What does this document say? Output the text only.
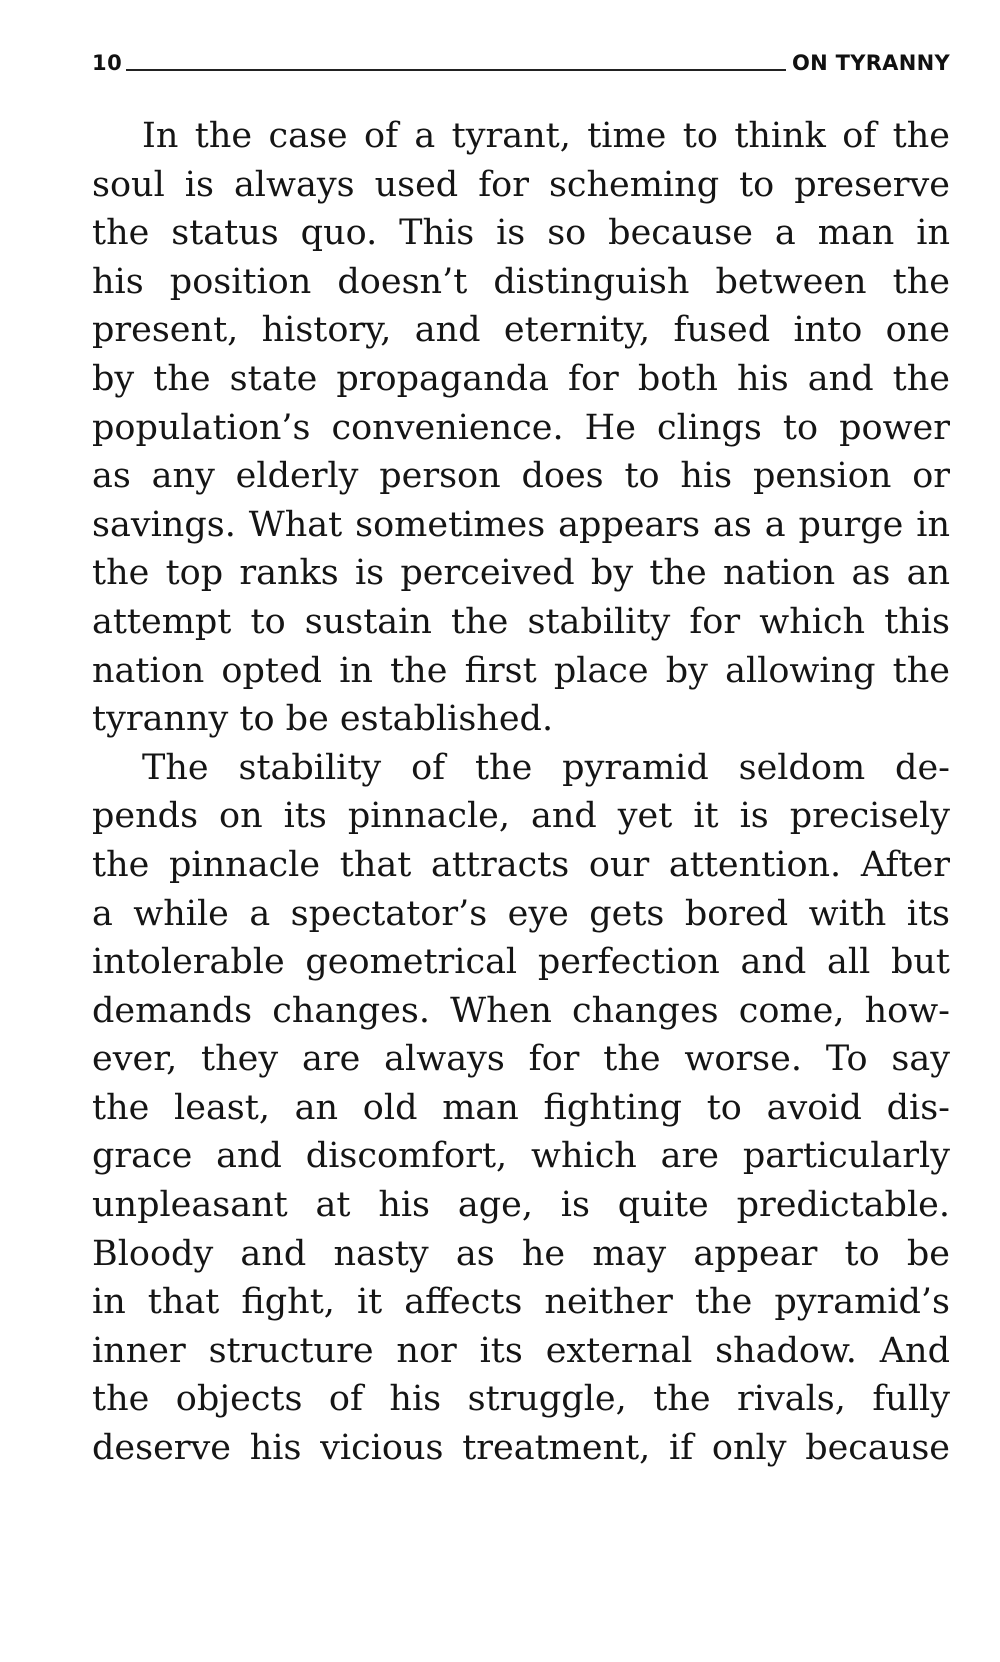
10	ON TYRANNY
In the case of a tyrant, time to think of the
soul is always used for scheming to preserve
the status quo. This is so because a man in
his position doesn’t distinguish between the
present, history, and eternity, fused into one
by the state propaganda for both his and the
population’s convenience. He clings to power
as any elderly person does to his pension or
savings. What sometimes appears as a purge in
the top ranks is perceived by the nation as an
attempt to sustain the stability for which this
nation opted in the first place by allowing the
tyranny to be established.
The stability of the pyramid seldom de-
pends on its pinnacle, and yet it is precisely
the pinnacle that attracts our attention. After
a while a spectator’s eye gets bored with its
intolerable geometrical perfection and all but
demands changes. When changes come, how-
ever, they are always for the worse. To say
the least, an old man fighting to avoid dis-
grace and discomfort, which are particularly
unpleasant at his age, is quite predictable.
Bloody and nasty as he may appear to be
in that fight, it affects neither the pyramid’s
inner structure nor its external shadow. And
the objects of his struggle, the rivals, fully
deserve his vicious treatment, if only because
